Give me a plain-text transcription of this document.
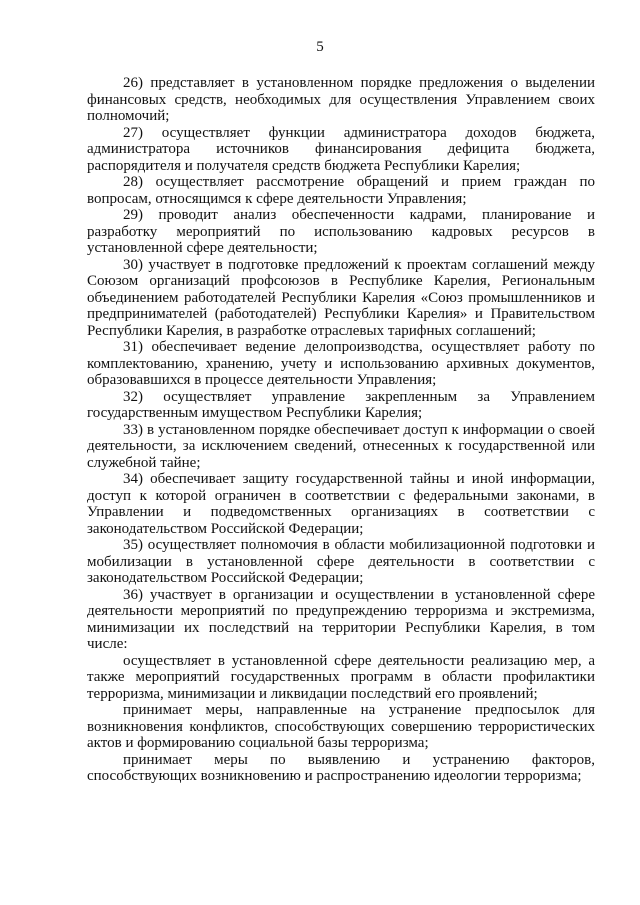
5

26) представляет в установленном порядке предложения о выделении финансовых средств, необходимых для осуществления Управлением своих полномочий;

27) осуществляет функции администратора доходов бюджета, администратора источников финансирования дефицита бюджета, распорядителя и получателя средств бюджета Республики Карелия;

28) осуществляет рассмотрение обращений и прием граждан по вопросам, относящимся к сфере деятельности Управления;

29) проводит анализ обеспеченности кадрами, планирование и разработку мероприятий по использованию кадровых ресурсов в установленной сфере деятельности;

30) участвует в подготовке предложений к проектам соглашений между Союзом организаций профсоюзов в Республике Карелия, Региональным объединением работодателей Республики Карелия «Союз промышленников и предпринимателей (работодателей) Республики Карелия» и Правительством Республики Карелия, в разработке отраслевых тарифных соглашений;

31) обеспечивает ведение делопроизводства, осуществляет работу по комплектованию, хранению, учету и использованию архивных документов, образовавшихся в процессе деятельности Управления;

32) осуществляет управление закрепленным за Управлением государственным имуществом Республики Карелия;

33) в установленном порядке обеспечивает доступ к информации о своей деятельности, за исключением сведений, отнесенных к государственной или служебной тайне;

34) обеспечивает защиту государственной тайны и иной информации, доступ к которой ограничен в соответствии с федеральными законами, в Управлении и подведомственных организациях в соответствии с законодательством Российской Федерации;

35) осуществляет полномочия в области мобилизационной подготовки и мобилизации в установленной сфере деятельности в соответствии с законодательством Российской Федерации;

36) участвует в организации и осуществлении в установленной сфере деятельности мероприятий по предупреждению терроризма и экстремизма, минимизации их последствий на территории Республики Карелия, в том числе:

осуществляет в установленной сфере деятельности реализацию мер, а также мероприятий государственных программ в области профилактики терроризма, минимизации и ликвидации последствий его проявлений;

принимает меры, направленные на устранение предпосылок для возникновения конфликтов, способствующих совершению террористических актов и формированию социальной базы терроризма;

принимает меры по выявлению и устранению факторов, способствующих возникновению и распространению идеологии терроризма;
